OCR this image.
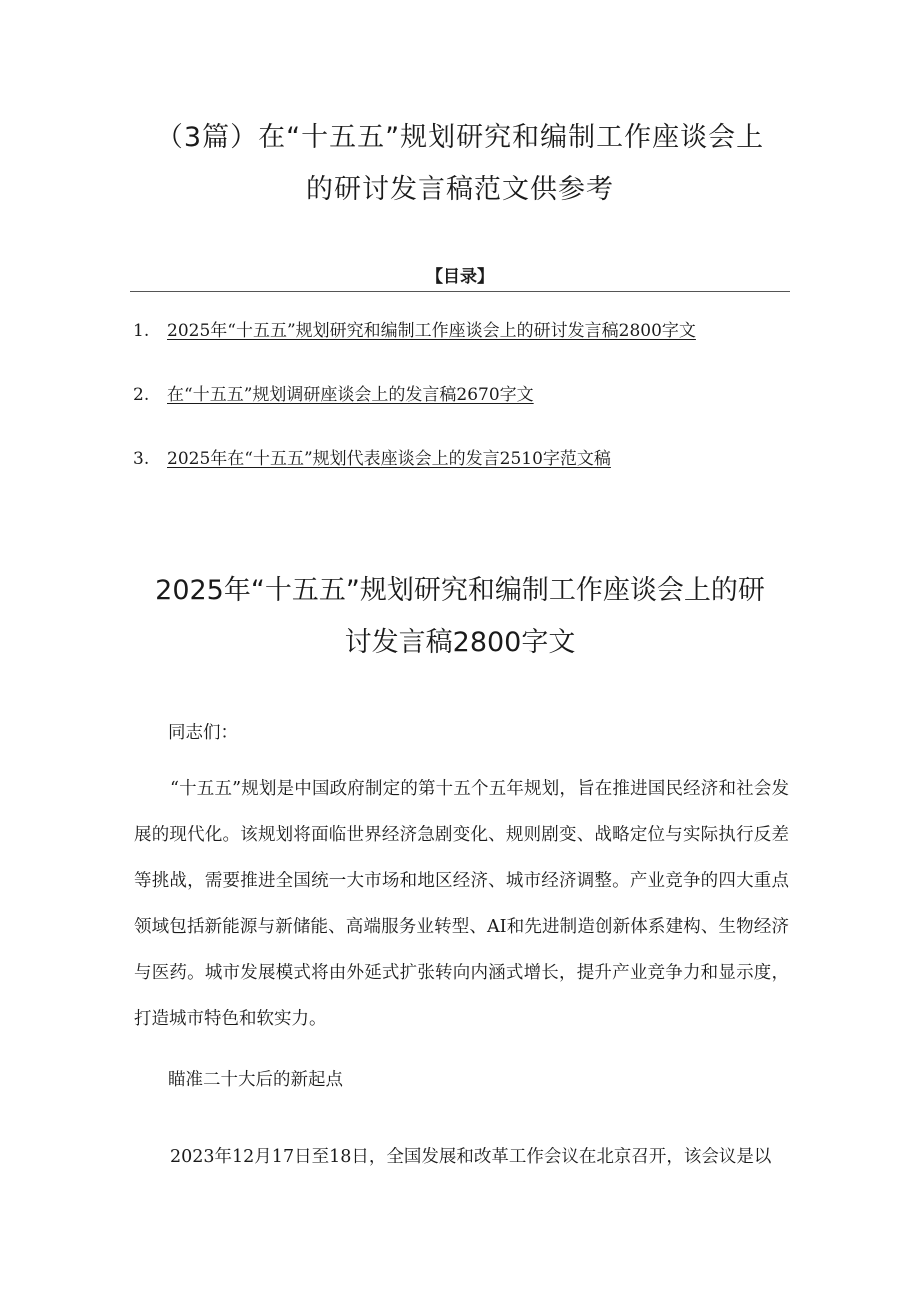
（3篇）在“十五五”规划研究和编制工作座谈会上
的研讨发言稿范文供参考
【目录】
1. 2025年“十五五”规划研究和编制工作座谈会上的研讨发言稿2800字文
2. 在“十五五”规划调研座谈会上的发言稿2670字文
3. 2025年在“十五五”规划代表座谈会上的发言2510字范文稿
2025年“十五五”规划研究和编制工作座谈会上的研
讨发言稿2800字文
同志们：

“十五五”规划是中国政府制定的第十五个五年规划，旨在推进国民经济和社会发展的现代化。该规划将面临世界经济急剧变化、规则剧变、战略定位与实际执行反差等挑战，需要推进全国统一大市场和地区经济、城市经济调整。产业竞争的四大重点领域包括新能源与新储能、高端服务业转型、AI和先进制造创新体系建构、生物经济与医药。城市发展模式将由外延式扩张转向内涵式增长，提升产业竞争力和显示度，打造城市特色和软实力。

瞄准二十大后的新起点

2023年12月17日至18日，全国发展和改革工作会议在北京召开，该会议是以
